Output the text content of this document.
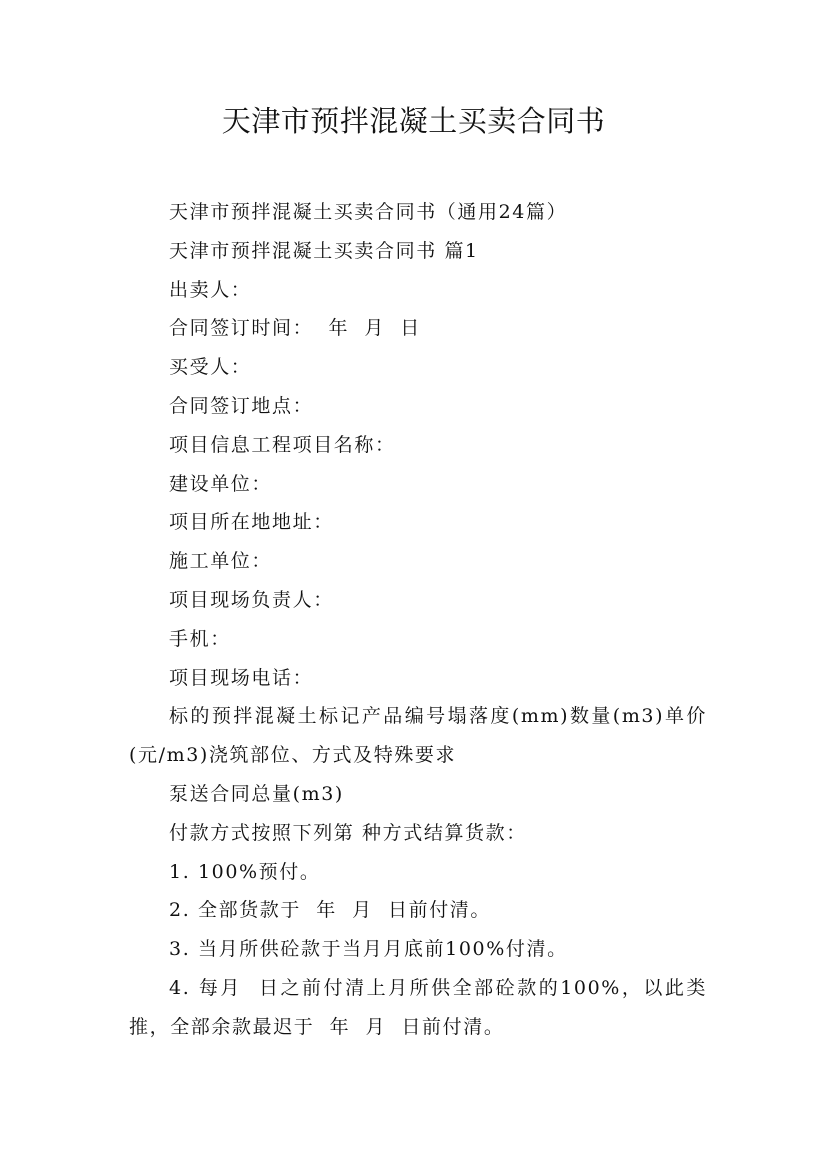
天津市预拌混凝土买卖合同书

天津市预拌混凝土买卖合同书（通用24篇）

天津市预拌混凝土买卖合同书 篇1

出卖人：

合同签订时间：  年  月  日

买受人：

合同签订地点：

项目信息工程项目名称：

建设单位：

项目所在地地址：

施工单位：

项目现场负责人：

手机：

项目现场电话：

标的预拌混凝土标记产品编号塌落度(mm)数量(m3)单价(元/m3)浇筑部位、方式及特殊要求

泵送合同总量(m3)

付款方式按照下列第 种方式结算货款：

1. 100%预付。

2. 全部货款于  年  月  日前付清。

3. 当月所供砼款于当月月底前100%付清。

4. 每月  日之前付清上月所供全部砼款的100%，以此类推，全部余款最迟于  年  月  日前付清。
